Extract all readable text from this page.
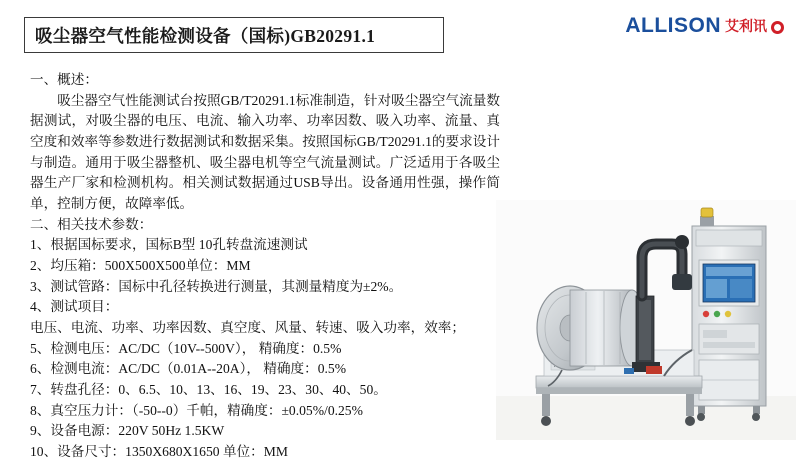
吸尘器空气性能检测设备（国标)GB20291.1	ALLISON 艾利讯
一、概述：
吸尘器空气性能测试台按照GB/T20291.1标准制造，针对吸尘器空气流量数据测试，对吸尘器的电压、电流、输入功率、功率因数、吸入功率、流量、真空度和效率等参数进行数据测试和数据采集。按照国标GB/T20291.1的要求设计与制造。通用于吸尘器整机、吸尘器电机等空气流量测试。广泛适用于各吸尘器生产厂家和检测机构。相关测试数据通过USB导出。设备通用性强，操作简单，控制方便，故障率低。
二、相关技术参数：
1、根据国标要求，国标B型 10孔转盘流速测试
2、均压箱：500X500X500单位：MM
3、测试管路：国标中孔径转换进行测量，其测量精度为±2%。
4、测试项目：
电压、电流、功率、功率因数、真空度、风量、转速、吸入功率，效率；
5、检测电压：AC/DC（10V--500V）， 精确度：0.5%
6、检测电流：AC/DC（0.01A--20A）， 精确度：0.5%
7、转盘孔径：0、6.5、10、13、16、19、23、30、40、50。
8、真空压力计：（-50--0）千帕，精确度：±0.05%/0.25%
9、设备电源：220V 50Hz 1.5KW
10、设备尺寸：1350X680X1650 单位：MM
